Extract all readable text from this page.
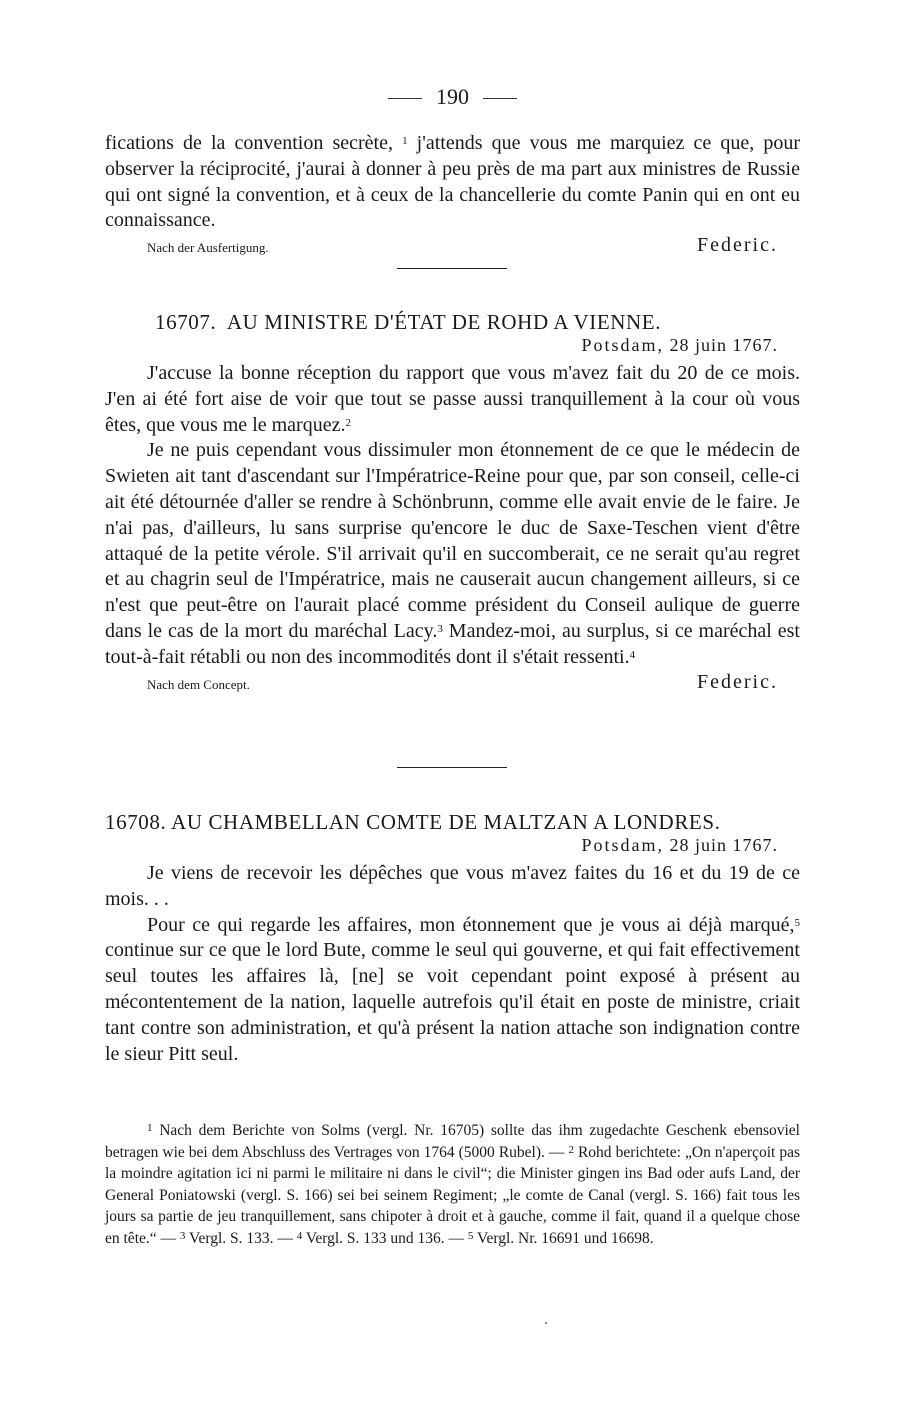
190

fications de la convention secrète, $^1$ j'attends que vous me marquiez ce que, pour observer la réciprocité, j'aurai à donner à peu près de ma part aux ministres de Russie qui ont signé la convention, et à ceux de la chancellerie du comte Panin qui en ont eu connaissance.

Nach der Ausfertigung.	Federic.

16707. AU MINISTRE D'ÉTAT DE ROHD A VIENNE.

Potsdam, 28 juin 1767.

J'accuse la bonne réception du rapport que vous m'avez fait du 20 de ce mois. J'en ai été fort aise de voir que tout se passe aussi tranquillement à la cour où vous êtes, que vous me le marquez.$^2$

Je ne puis cependant vous dissimuler mon étonnement de ce que le médecin de Swieten ait tant d'ascendant sur l'Impératrice-Reine pour que, par son conseil, celle-ci ait été détournée d'aller se rendre à Schönbrunn, comme elle avait envie de le faire. Je n'ai pas, d'ailleurs, lu sans surprise qu'encore le duc de Saxe-Teschen vient d'être attaqué de la petite vérole. S'il arrivait qu'il en succomberait, ce ne serait qu'au regret et au chagrin seul de l'Impératrice, mais ne causerait aucun changement ailleurs, si ce n'est que peut-être on l'aurait placé comme président du Conseil aulique de guerre dans le cas de la mort du maréchal Lacy.$^3$ Mandez-moi, au surplus, si ce maréchal est tout-à-fait rétabli ou non des incommodités dont il s'était ressenti.$^4$

Nach dem Concept.	Federic.

16708. AU CHAMBELLAN COMTE DE MALTZAN A LONDRES.

Potsdam, 28 juin 1767.

Je viens de recevoir les dépêches que vous m'avez faites du 16 et du 19 de ce mois. . .

Pour ce qui regarde les affaires, mon étonnement que je vous ai déjà marqué,$^5$ continue sur ce que le lord Bute, comme le seul qui gouverne, et qui fait effectivement seul toutes les affaires là, [ne] se voit cependant point exposé à présent au mécontentement de la nation, laquelle autrefois qu'il était en poste de ministre, criait tant contre son administration, et qu'à présent la nation attache son indignation contre le sieur Pitt seul.

$^1$ Nach dem Berichte von Solms (vergl. Nr. 16705) sollte das ihm zugedachte Geschenk ebensoviel betragen wie bei dem Abschluss des Vertrages von 1764 (5000 Rubel). — $^2$ Rohd berichtete: „On n'aperçoit pas la moindre agitation ici ni parmi le militaire ni dans le civil“; die Minister gingen ins Bad oder aufs Land, der General Poniatowski (vergl. S. 166) sei bei seinem Regiment; „le comte de Canal (vergl. S. 166) fait tous les jours sa partie de jeu tranquillement, sans chipoter à droit et à gauche, comme il fait, quand il a quelque chose en tête.“ — $^3$ Vergl. S. 133. — $^4$ Vergl. S. 133 und 136. — $^5$ Vergl. Nr. 16691 und 16698.
